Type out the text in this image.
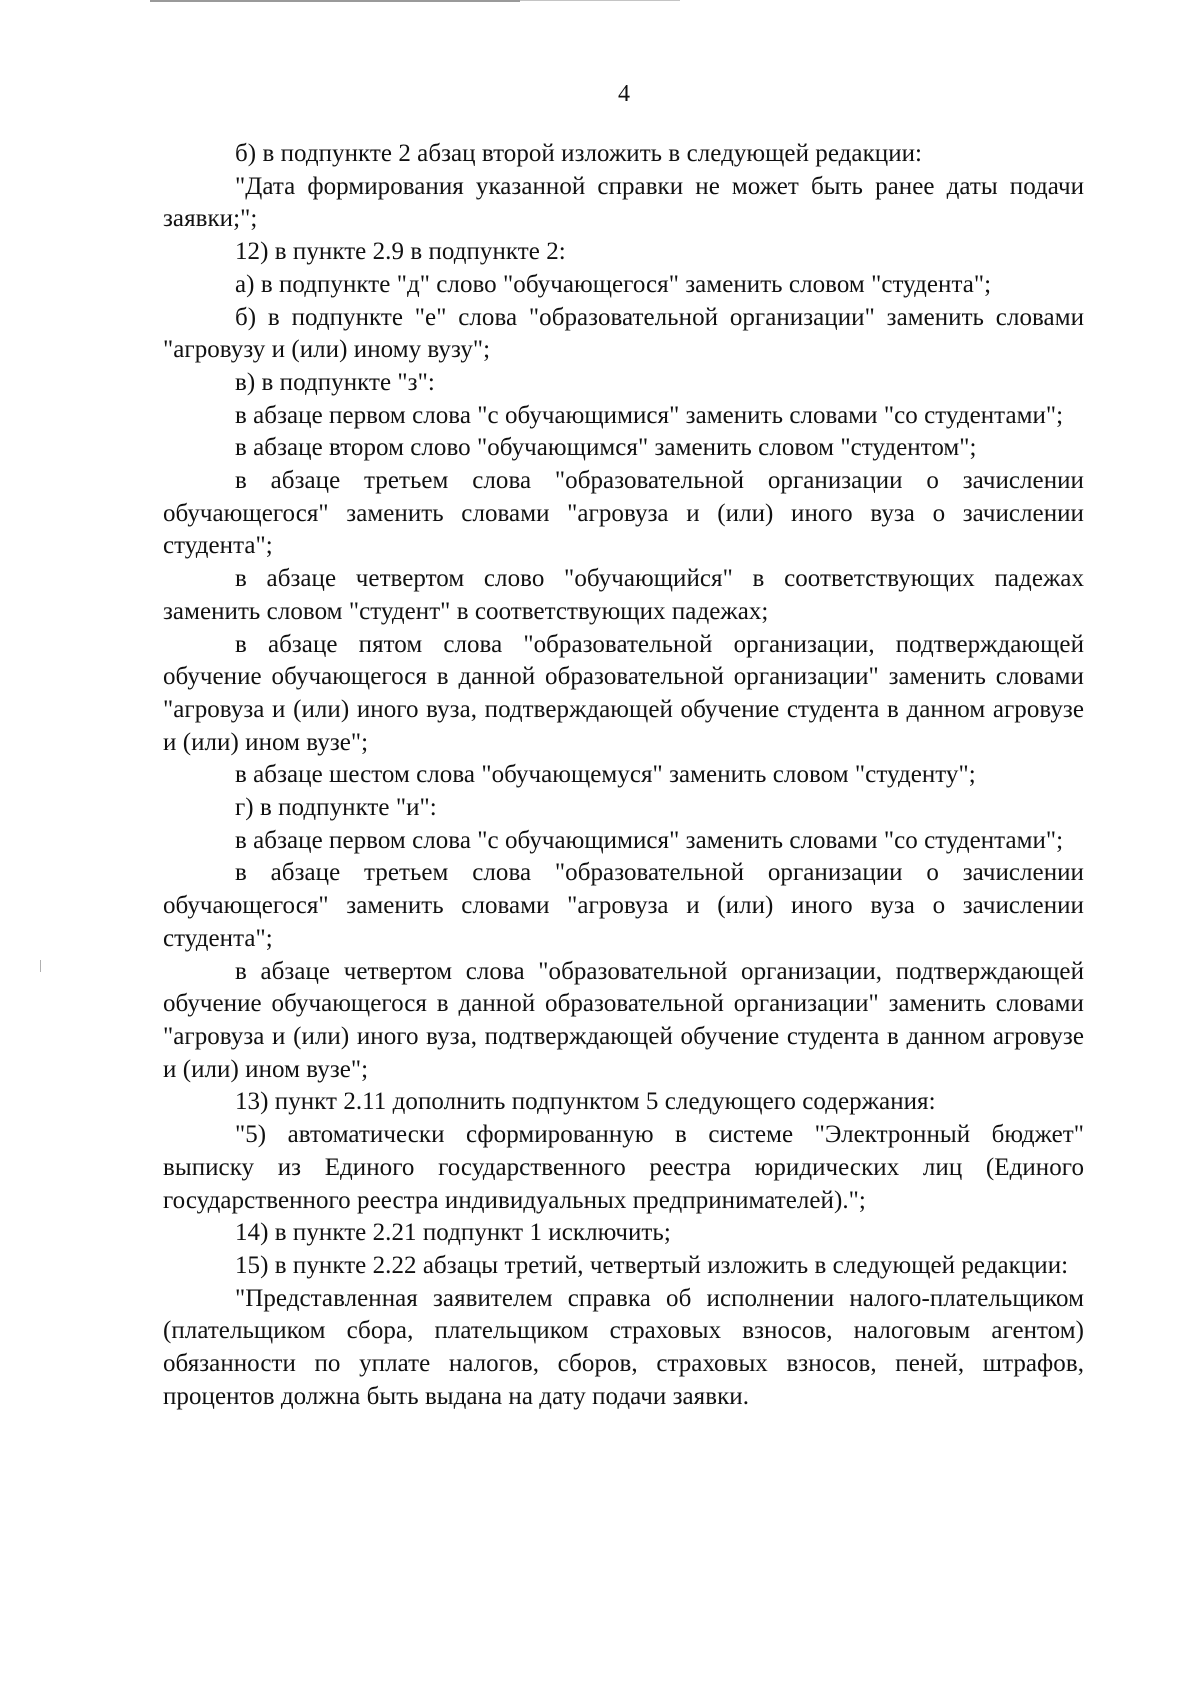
4

б) в подпункте 2 абзац второй изложить в следующей редакции:

"Дата формирования указанной справки не может быть ранее даты подачи заявки;";

12) в пункте 2.9 в подпункте 2:

а) в подпункте "д" слово "обучающегося" заменить словом "студента";

б) в подпункте "е" слова "образовательной организации" заменить словами "агровузу и (или) иному вузу";

в) в подпункте "з":

в абзаце первом слова "с обучающимися" заменить словами "со студентами";

в абзаце втором слово "обучающимся" заменить словом "студентом";

в абзаце третьем слова "образовательной организации о зачислении обучающегося" заменить словами "агровуза и (или) иного вуза о зачислении студента";

в абзаце четвертом слово "обучающийся" в соответствующих падежах заменить словом "студент" в соответствующих падежах;

в абзаце пятом слова "образовательной организации, подтверждающей обучение обучающегося в данной образовательной организации" заменить словами "агровуза и (или) иного вуза, подтверждающей обучение студента в данном агровузе и (или) ином вузе";

в абзаце шестом слова "обучающемуся" заменить словом "студенту";

г) в подпункте "и":

в абзаце первом слова "с обучающимися" заменить словами "со студентами";

в абзаце третьем слова "образовательной организации о зачислении обучающегося" заменить словами "агровуза и (или) иного вуза о зачислении студента";

в абзаце четвертом слова "образовательной организации, подтверждающей обучение обучающегося в данной образовательной организации" заменить словами "агровуза и (или) иного вуза, подтверждающей обучение студента в данном агровузе и (или) ином вузе";

13) пункт 2.11 дополнить подпунктом 5 следующего содержания:

"5) автоматически сформированную в системе "Электронный бюджет" выписку из Единого государственного реестра юридических лиц (Единого государственного реестра индивидуальных предпринимателей).";

14) в пункте 2.21 подпункт 1 исключить;

15) в пункте 2.22 абзацы третий, четвертый изложить в следующей редакции:

"Представленная заявителем справка об исполнении налого-плательщиком (плательщиком сбора, плательщиком страховых взносов, налоговым агентом) обязанности по уплате налогов, сборов, страховых взносов, пеней, штрафов, процентов должна быть выдана на дату подачи заявки.
